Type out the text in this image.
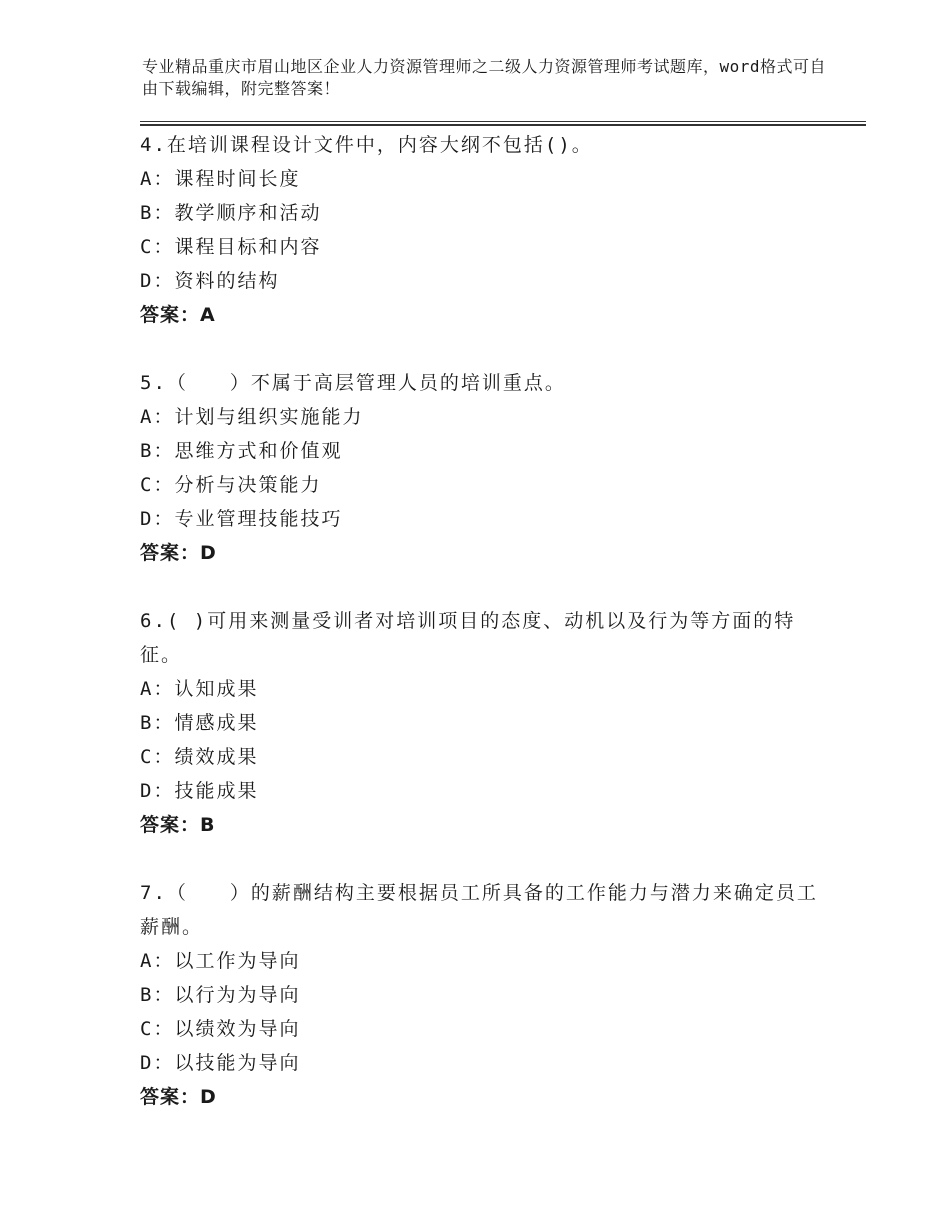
专业精品重庆市眉山地区企业人力资源管理师之二级人力资源管理师考试题库，word格式可自由下载编辑，附完整答案！
4.在培训课程设计文件中，内容大纲不包括()。
A：课程时间长度
B：教学顺序和活动
C：课程目标和内容
D：资料的结构
答案：A
5.（　　）不属于高层管理人员的培训重点。
A：计划与组织实施能力
B：思维方式和价值观
C：分析与决策能力
D：专业管理技能技巧
答案：D
6.( )可用来测量受训者对培训项目的态度、动机以及行为等方面的特征。
A：认知成果
B：情感成果
C：绩效成果
D：技能成果
答案：B
7.（　　）的薪酬结构主要根据员工所具备的工作能力与潜力来确定员工薪酬。
A：以工作为导向
B：以行为为导向
C：以绩效为导向
D：以技能为导向
答案：D
